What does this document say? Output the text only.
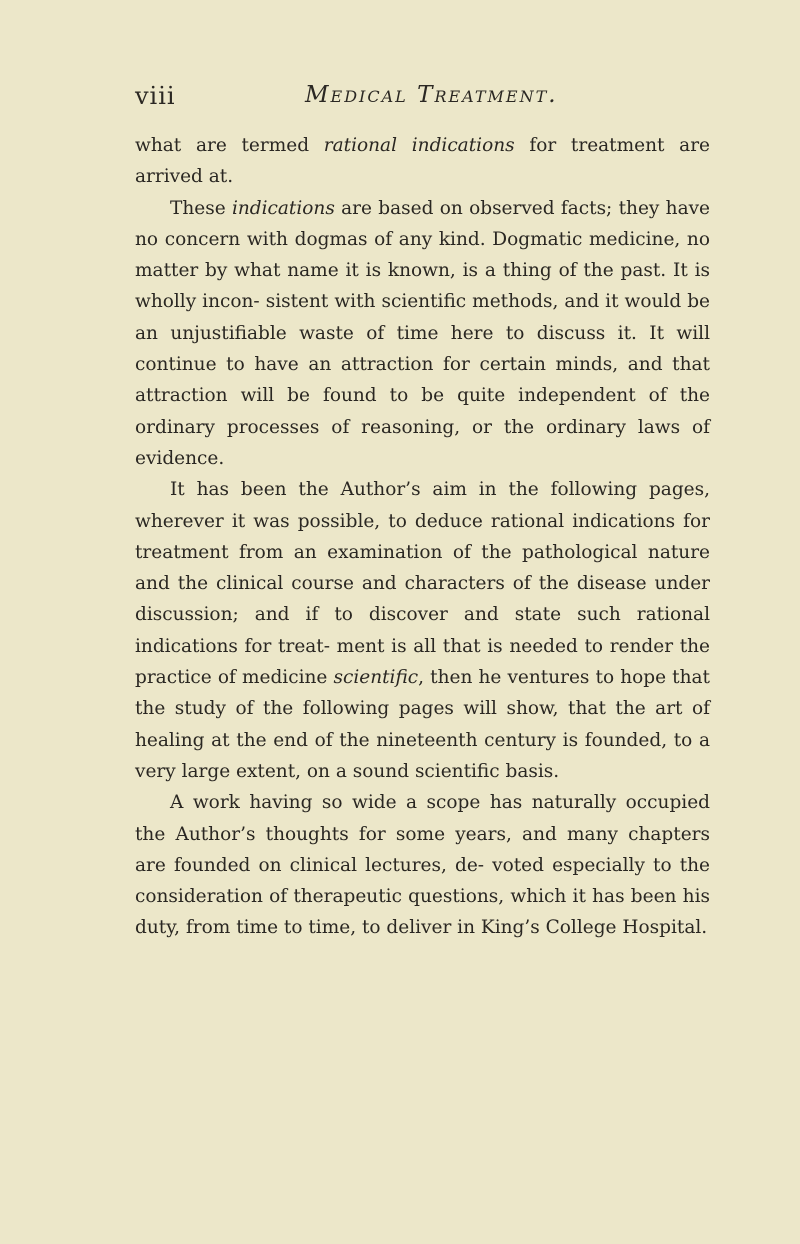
viii	Medical Treatment.

what are termed rational indications for treatment are arrived at.

These indications are based on observed facts; they have no concern with dogmas of any kind. Dogmatic medicine, no matter by what name it is known, is a thing of the past. It is wholly incon- sistent with scientific methods, and it would be an unjustifiable waste of time here to discuss it. It will continue to have an attraction for certain minds, and that attraction will be found to be quite independent of the ordinary processes of reasoning, or the ordinary laws of evidence.

It has been the Author’s aim in the following pages, wherever it was possible, to deduce rational indications for treatment from an examination of the pathological nature and the clinical course and characters of the disease under discussion; and if to discover and state such rational indications for treat- ment is all that is needed to render the practice of medicine scientific, then he ventures to hope that the study of the following pages will show, that the art of healing at the end of the nineteenth century is founded, to a very large extent, on a sound scientific basis.

A work having so wide a scope has naturally occupied the Author’s thoughts for some years, and many chapters are founded on clinical lectures, de- voted especially to the consideration of therapeutic questions, which it has been his duty, from time to time, to deliver in King’s College Hospital.
